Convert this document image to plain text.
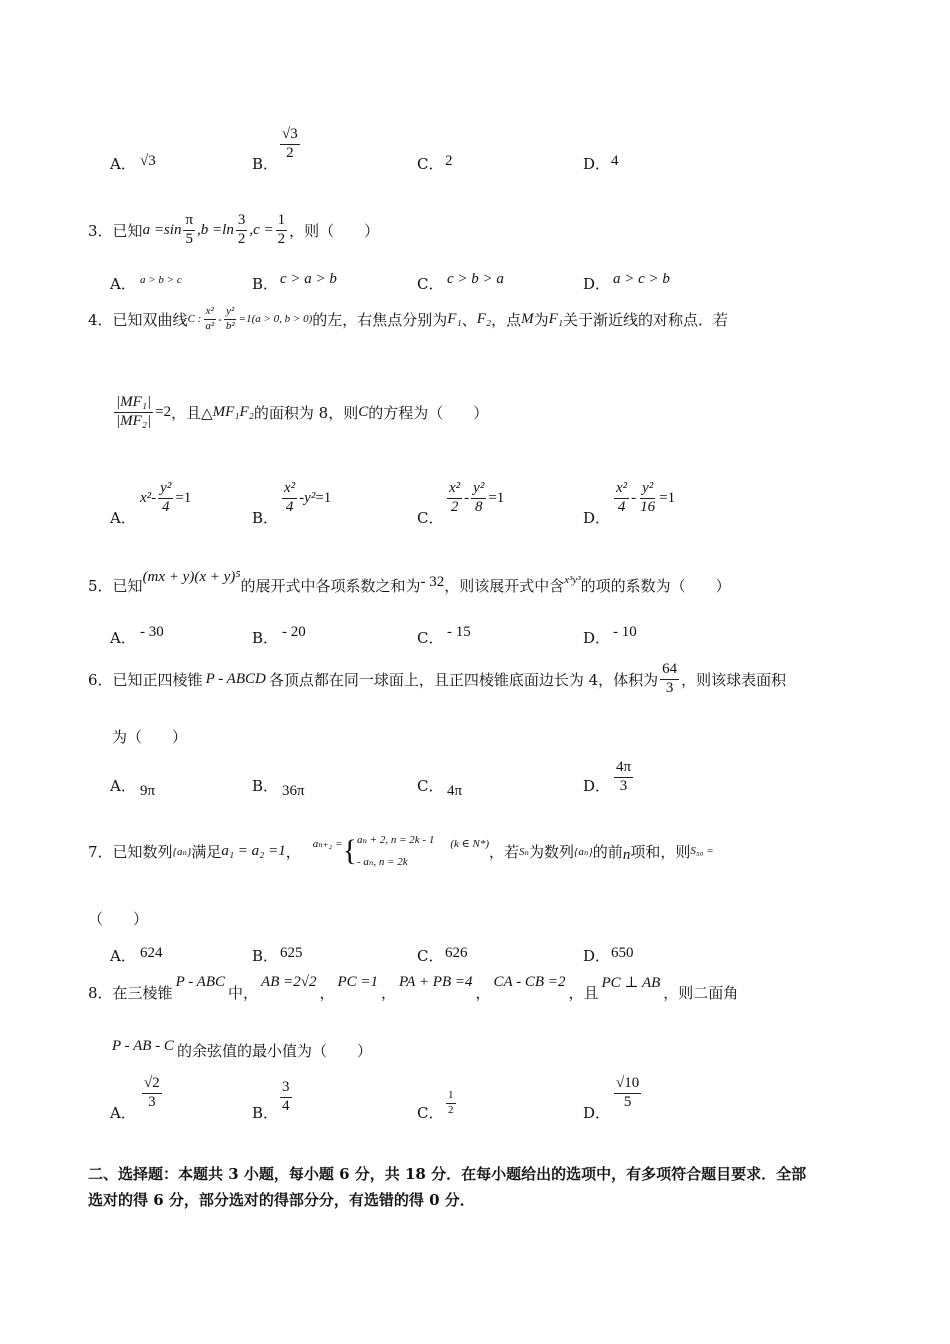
A． √3	B．
$\frac{√3}{2}$
C． 2	D． 4
3． 已知 $a =\sin \frac{\pi}{5} ,b =\ln \frac{3}{2} ,c = \frac{1}{2}$ ，则（　　）
A． a > b > c	B． c > a > b	C． c > b > a	D． a > c > b
4． 已知双曲线 C : $\frac{\text{x²}}{\text{a²}} - \frac{\text{y²}}{\text{b²}} =1(a > 0$, b > 0) 的左，右焦点分别为 F₁ 、 F₂ ，点 M 为 F₁ 关于渐近线的对称点．若
$\frac{\text{|MF₁|}}{\text{|MF₂|}} =2$ ，且△ MF₁F₂ 的面积为 8，则 C 的方程为（　　）
A．
$x^2 - \frac{\text{y²}}{4} =1$
B．
$\frac{\text{x²}}{4} - y^2 =1$
C．
$\frac{\text{x²}}{2} - \frac{\text{y²}}{8} =1$
D．
$\frac{\text{x²}}{4} - \frac{\text{y²}}{16} =1$
5． 已知 (mx + y)(x + y)⁵ 的展开式中各项系数之和为 - 32 ，则该展开式中含 x³y³ 的项的系数为（　　）
A． - 30	B． - 20	C． - 15	D． - 10
6． 已知正四棱锥 P - ABCD 各顶点都在同一球面上，且正四棱锥底面边长为 4，体积为 $\frac{64}{3}$ ，则该球表面积
为（　　）
A． 9π	B． 36π	C． 4π	D． $\frac{4\pi}{3}$
7． 已知数列 {aₙ} 满足 a₁ = a₂ =1 ， aₙ₊₂ = { aₙ + 2, n = 2k - 1
- aₙ, n = 2k
(k ∈ N*) ，若 Sₙ 为数列 {aₙ} 的前 n 项和，则 S₅₀ =
（　　）
A． 624	B． 625	C． 626	D． 650
8． 在三棱锥
P - ABC
中，
AB =2√2
，
PC =1
，
PA + PB =4
，
CA - CB =2
，且
PC ⊥ AB
，则二面角
P - AB - C 的余弦值的最小值为（　　）
A．
$\frac{√2}{3}$
B． $\frac{3}{4}$	C． $\frac{1}{2}$	D．
$\frac{√10}{5}$
二、选择题：本题共 3 小题，每小题 6 分，共 18 分．在每小题给出的选项中，有多项符合题目要求．全部
选对的得 6 分，部分选对的得部分分，有选错的得 0 分．
